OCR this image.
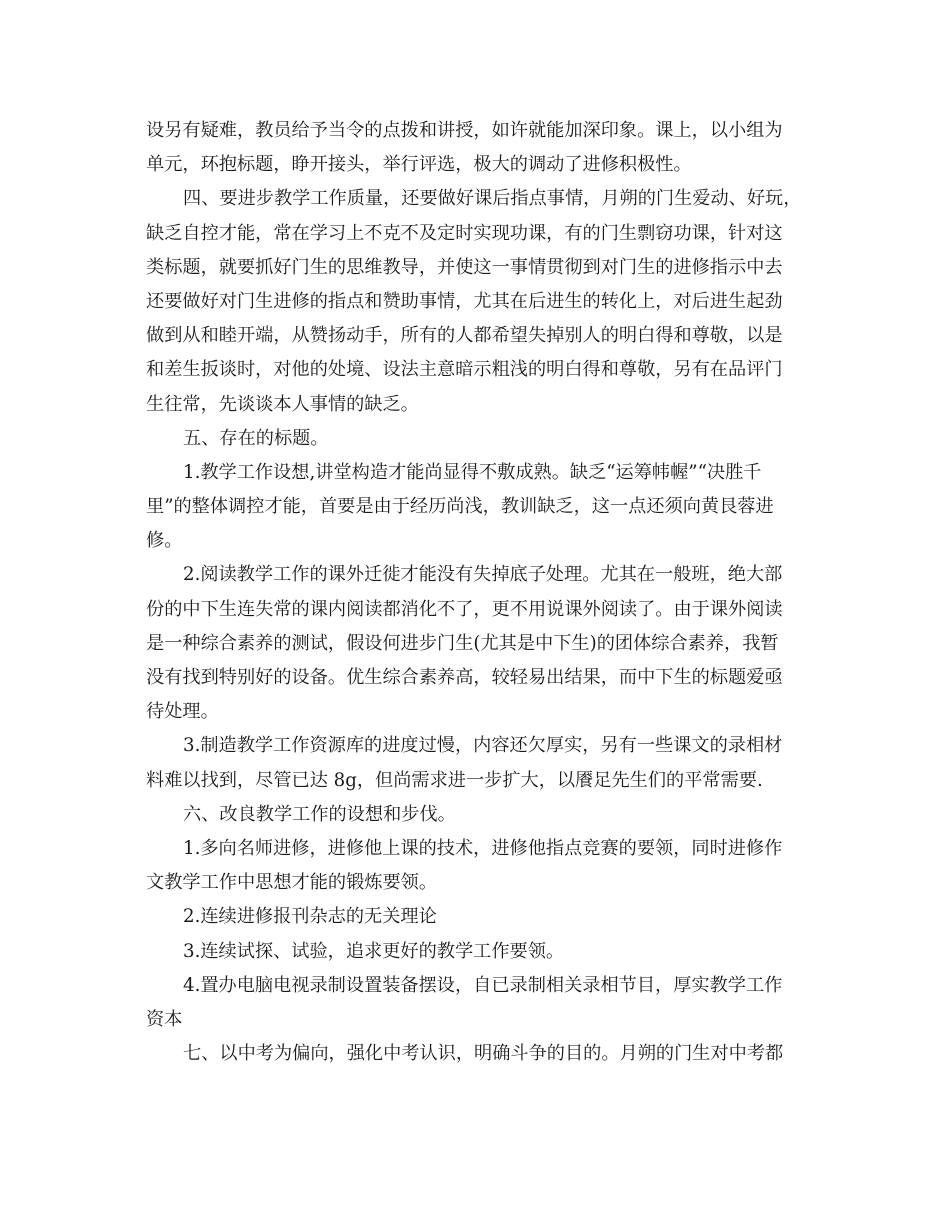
设另有疑难，教员给予当令的点拨和讲授，如许就能加深印象。课上，以小组为
单元，环抱标题，睁开接头，举行评选，极大的调动了进修积极性。
四、要进步教学工作质量，还要做好课后指点事情，月朔的门生爱动、好玩，
缺乏自控才能，常在学习上不克不及定时实现功课，有的门生剽窃功课，针对这
类标题，就要抓好门生的思维教导，并使这一事情贯彻到对门生的进修指示中去
还要做好对门生进修的指点和赞助事情，尤其在后进生的转化上，对后进生起劲
做到从和睦开端，从赞扬动手，所有的人都希望失掉别人的明白得和尊敬，以是
和差生扳谈时，对他的处境、设法主意暗示粗浅的明白得和尊敬，另有在品评门
生往常，先谈谈本人事情的缺乏。
五、存在的标题。
1.教学工作设想,讲堂构造才能尚显得不敷成熟。缺乏“运筹帏幄”“决胜千
里”的整体调控才能，首要是由于经历尚浅，教训缺乏，这一点还须向黄艮蓉进
修。
2.阅读教学工作的课外迁徙才能没有失掉底子处理。尤其在一般班，绝大部
份的中下生连失常的课内阅读都消化不了，更不用说课外阅读了。由于课外阅读
是一种综合素养的测试，假设何进步门生(尤其是中下生)的团体综合素养，我暂
没有找到特别好的设备。优生综合素养高，较轻易出结果，而中下生的标题爱亟
待处理。
3.制造教学工作资源库的进度过慢，内容还欠厚实，另有一些课文的录相材
料难以找到，尽管已达 8g，但尚需求进一步扩大，以餍足先生们的平常需要.
六、改良教学工作的设想和步伐。
1.多向名师进修，进修他上课的技术，进修他指点竞赛的要领，同时进修作
文教学工作中思想才能的锻炼要领。
2.连续进修报刊杂志的无关理论
3.连续试探、试验，追求更好的教学工作要领。
4.置办电脑电视录制设置装备摆设，自已录制相关录相节目，厚实教学工作
资本
七、以中考为偏向，强化中考认识，明确斗争的目的。月朔的门生对中考都
